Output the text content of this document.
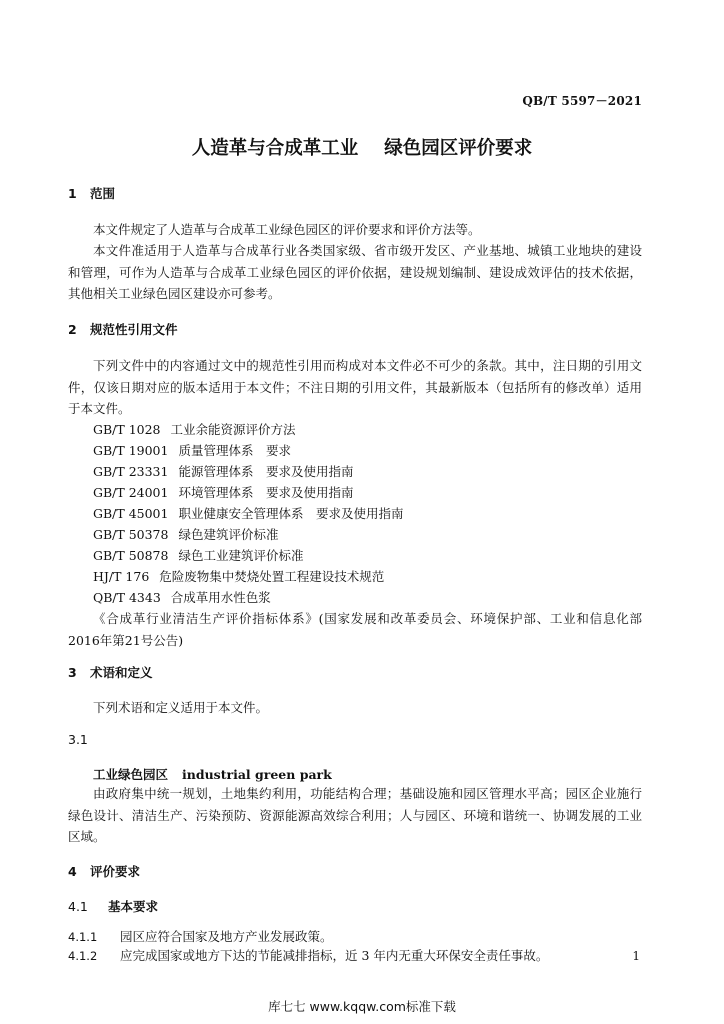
QB/T 5597－2021
人造革与合成革工业 绿色园区评价要求
1 范围

本文件规定了人造革与合成革工业绿色园区的评价要求和评价方法等。

本文件准适用于人造革与合成革行业各类国家级、省市级开发区、产业基地、城镇工业地块的建设和管理，可作为人造革与合成革工业绿色园区的评价依据，建设规划编制、建设成效评估的技术依据，其他相关工业绿色园区建设亦可参考。

2 规范性引用文件

下列文件中的内容通过文中的规范性引用而构成对本文件必不可少的条款。其中，注日期的引用文件，仅该日期对应的版本适用于本文件；不注日期的引用文件，其最新版本（包括所有的修改单）适用于本文件。

GB/T 1028 工业余能资源评价方法
GB/T 19001 质量管理体系　要求
GB/T 23331 能源管理体系　要求及使用指南
GB/T 24001 环境管理体系　要求及使用指南
GB/T 45001 职业健康安全管理体系　要求及使用指南
GB/T 50378 绿色建筑评价标准
GB/T 50878 绿色工业建筑评价标准
HJ/T 176 危险废物集中焚烧处置工程建设技术规范
QB/T 4343 合成革用水性色浆

《合成革行业清洁生产评价指标体系》(国家发展和改革委员会、环境保护部、工业和信息化部2016年第21号公告)

3 术语和定义

下列术语和定义适用于本文件。

3.1
工业绿色园区 industrial green park

由政府集中统一规划，土地集约利用，功能结构合理；基础设施和园区管理水平高；园区企业施行绿色设计、清洁生产、污染预防、资源能源高效综合利用；人与园区、环境和谐统一、协调发展的工业区域。

4 评价要求
4.1 基本要求
4.1.1 园区应符合国家及地方产业发展政策。
4.1.2 应完成国家或地方下达的节能减排指标，近 3 年内无重大环保安全责任事故。	1
库七七 www.kqqw.com标准下载
